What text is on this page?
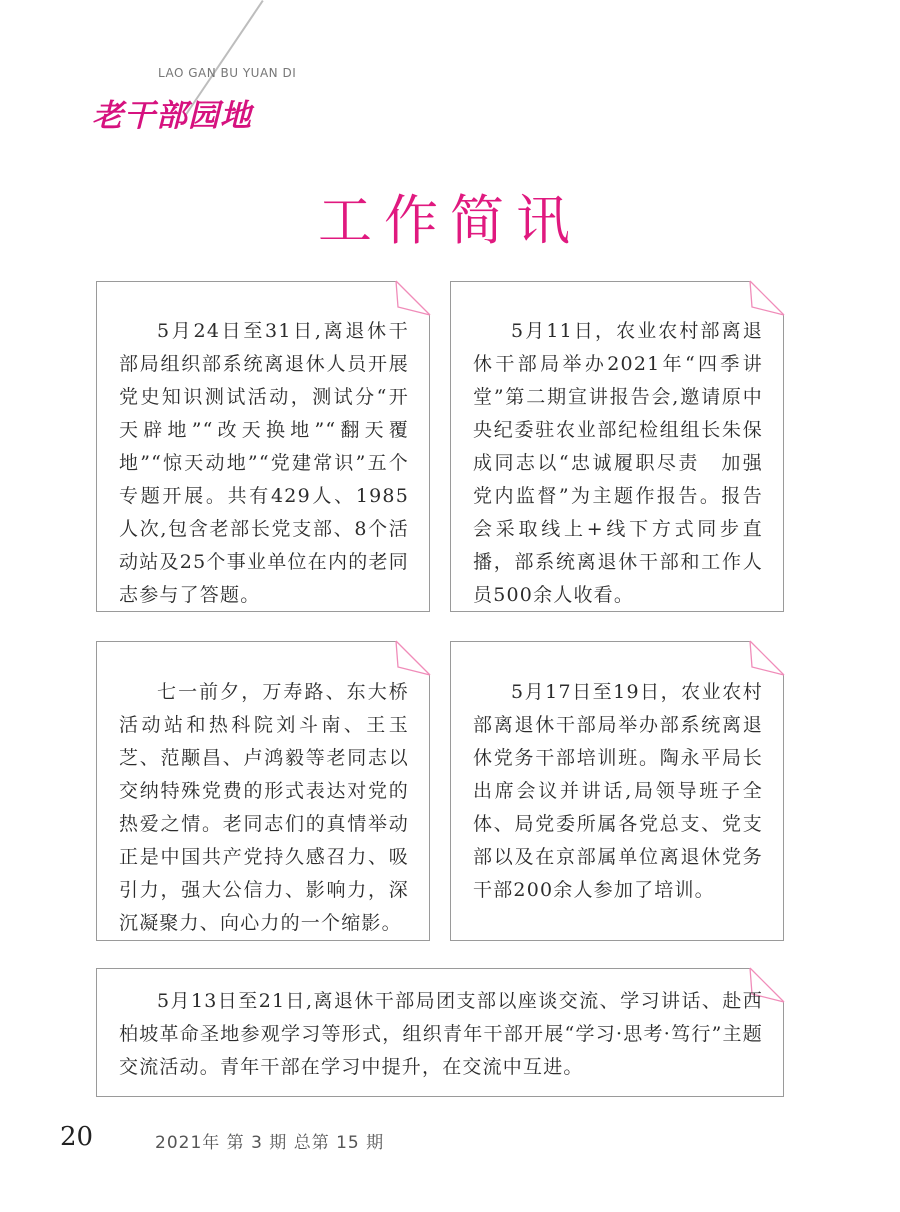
LAO GAN BU YUAN DI
老干部园地
工作简讯
5月24日至31日,离退休干部局组织部系统离退休人员开展党史知识测试活动，测试分“开天辟地”“改天换地”“翻天覆地”“惊天动地”“党建常识”五个专题开展。共有429人、1985人次,包含老部长党支部、8个活动站及25个事业单位在内的老同志参与了答题。
5月11日，农业农村部离退休干部局举办2021年“四季讲堂”第二期宣讲报告会,邀请原中央纪委驻农业部纪检组组长朱保成同志以“忠诚履职尽责　加强党内监督”为主题作报告。报告会采取线上+线下方式同步直播，部系统离退休干部和工作人员500余人收看。
七一前夕，万寿路、东大桥活动站和热科院刘斗南、王玉芝、范颙昌、卢鸿毅等老同志以交纳特殊党费的形式表达对党的热爱之情。老同志们的真情举动正是中国共产党持久感召力、吸引力，强大公信力、影响力，深沉凝聚力、向心力的一个缩影。
5月17日至19日，农业农村部离退休干部局举办部系统离退休党务干部培训班。陶永平局长出席会议并讲话,局领导班子全体、局党委所属各党总支、党支部以及在京部属单位离退休党务干部200余人参加了培训。
5月13日至21日,离退休干部局团支部以座谈交流、学习讲话、赴西柏坡革命圣地参观学习等形式，组织青年干部开展“学习·思考·笃行”主题交流活动。青年干部在学习中提升，在交流中互进。
20	2021年 第 3 期 总第 15 期
